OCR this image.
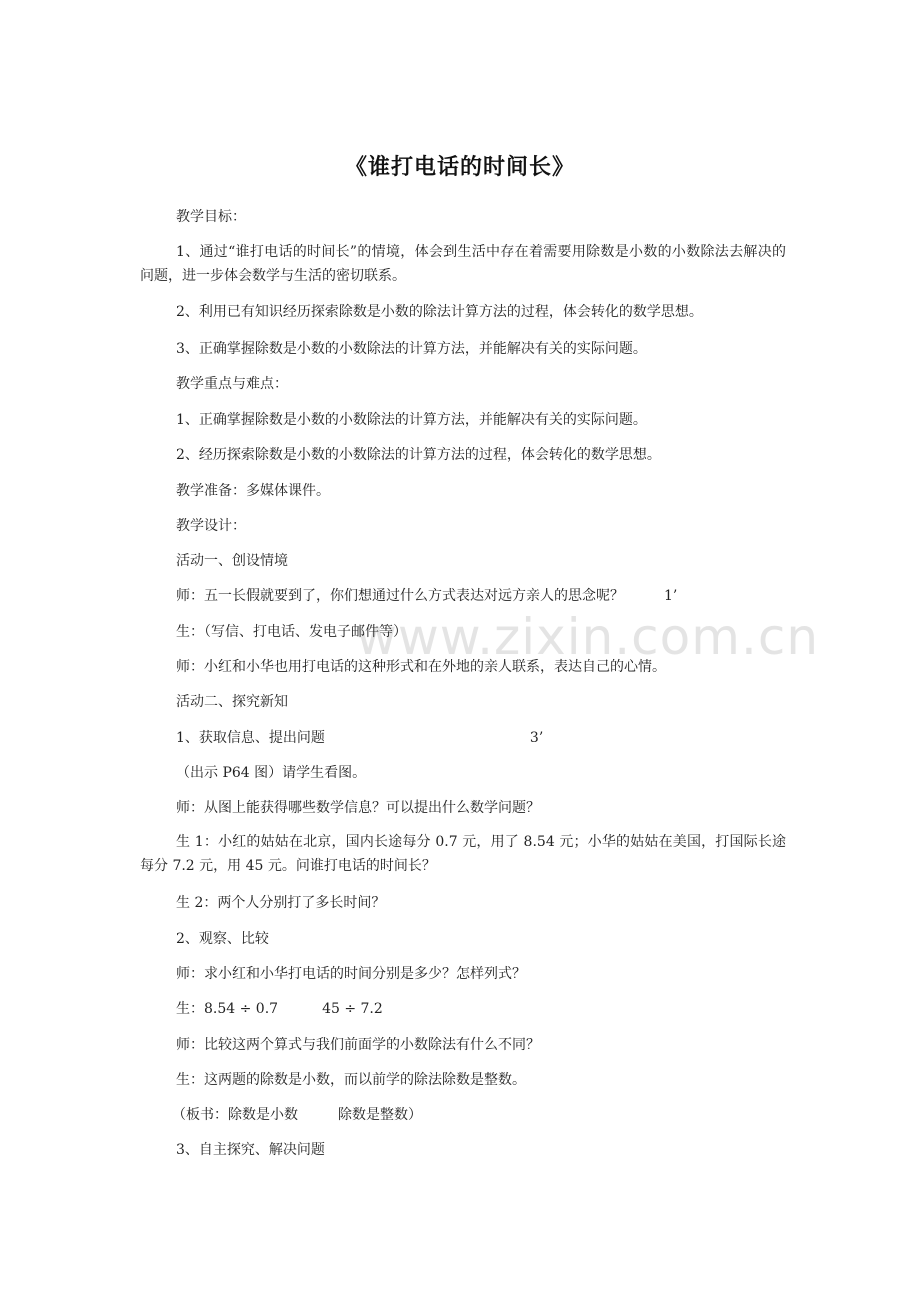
《谁打电话的时间长》
www.zixin.com.cn
教学目标：
1、通过“谁打电话的时间长”的情境，体会到生活中存在着需要用除数是小数的小数除法去解决的问题，进一步体会数学与生活的密切联系。
2、利用已有知识经历探索除数是小数的除法计算方法的过程，体会转化的数学思想。
3、正确掌握除数是小数的小数除法的计算方法，并能解决有关的实际问题。
教学重点与难点：
1、正确掌握除数是小数的小数除法的计算方法，并能解决有关的实际问题。
2、经历探索除数是小数的小数除法的计算方法的过程，体会转化的数学思想。
教学准备：多媒体课件。
教学设计：
活动一、创设情境
师：五一长假就要到了，你们想通过什么方式表达对远方亲人的思念呢？	1’
生：（写信、打电话、发电子邮件等）
师：小红和小华也用打电话的这种形式和在外地的亲人联系，表达自己的心情。
活动二、探究新知
1、获取信息、提出问题	3’
（出示 P64 图）请学生看图。
师：从图上能获得哪些数学信息？可以提出什么数学问题？
生 1：小红的姑姑在北京，国内长途每分 0.7 元，用了 8.54 元；小华的姑姑在美国，打国际长途每分 7.2 元，用 45 元。问谁打电话的时间长？
生 2：两个人分别打了多长时间？
2、观察、比较
师：求小红和小华打电话的时间分别是多少？怎样列式？
生：8.54 ÷ 0.7	45 ÷ 7.2
师：比较这两个算式与我们前面学的小数除法有什么不同？
生：这两题的除数是小数，而以前学的除法除数是整数。
（板书：除数是小数	除数是整数）
3、自主探究、解决问题
